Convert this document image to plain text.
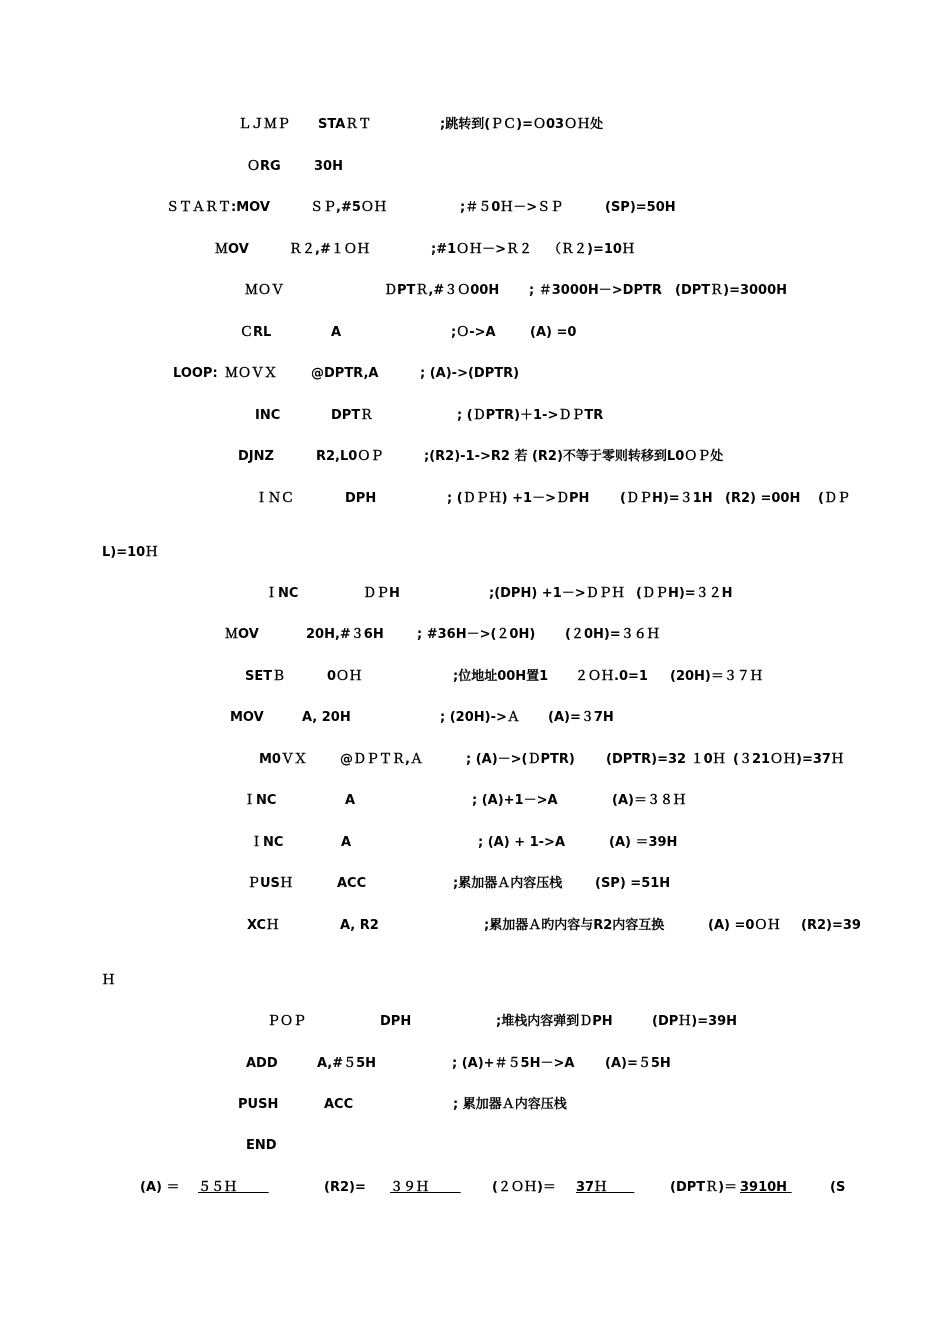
ＬＪＭＰ STAＲＴ	;跳转到(ＰＣ)=Ｏ03ＯＨ处
ＯRG	30H
ＳＴＡＲＴ:MOV	ＳＰ,#5ＯＨ	;＃５0Ｈ－>ＳＰ	(SP)=50H
ＭOV	Ｒ２,#１ＯＨ	;#1ＯＨ－>Ｒ２ （Ｒ２)=10Ｈ
ＭＯＶ	ＤPTＲ,#３Ｏ00H ; ＃3000H－>DPTR (DPTＲ)=3000H
ＣRL	A	;Ｏ->A	(A) =0
LOOP: ＭＯＶＸ	@DPTR,A	; (A)->(DPTR)
INC	DPTＲ	; (ＤPTR)＋1->ＤＰTR
DJNZ	R2,L0ＯＰ	;(R2)-1->R2 若 (R2)不等于零则转移到L0ＯＰ处
ＩＮＣ	DPH	; (ＤＰＨ) +1－>ＤPH (ＤＰH)=３1H (R2) =00H (ＤＰ
L)=10Ｈ
ＩNC	ＤＰH	;(DPH) +1－>ＤＰＨ (ＤＰH)=３２H
ＭOV	20H,#３6H	; #36H－>(２0H) (２0H)=３６Ｈ
SETＢ	0ＯＨ	;位地址00H置1 ２ＯＨ.0=1 (20H)＝３７Ｈ
MOV	A, 20H	; (20H)->Ａ (A)=３7H
M0ＶＸ	@ＤＰＴＲ,Ａ	; (A)－>(ＤPTR) (DPTR)=32 １0Ｈ (３21ＯＨ)=37Ｈ
ＩNC	A	; (A)+1－>A	(A)＝３８Ｈ
ＩNC	A	; (A) + 1->A	(A) ＝39H
ＰUSＨ	ACC	;累加器Ａ内容压栈	(SP) =51H
XCＨ	A, R2	;累加器Ａ旳内容与R2内容互换	(A) =0ＯＨ (R2)=39
Ｈ
ＰＯＰ	DPH	;堆栈内容弹到ＤPH	(DPＨ)=39H
ADD	A,#５5H	; (A)+＃５5H－>A (A)=５5H
PUSH	ACC	; 累加器Ａ内容压栈
END
(A) ＝	５５Ｈ	(R2)=	３９Ｈ	(２ＯＨ)＝	37Ｈ	(DPTＲ)＝ 3910H	(S
